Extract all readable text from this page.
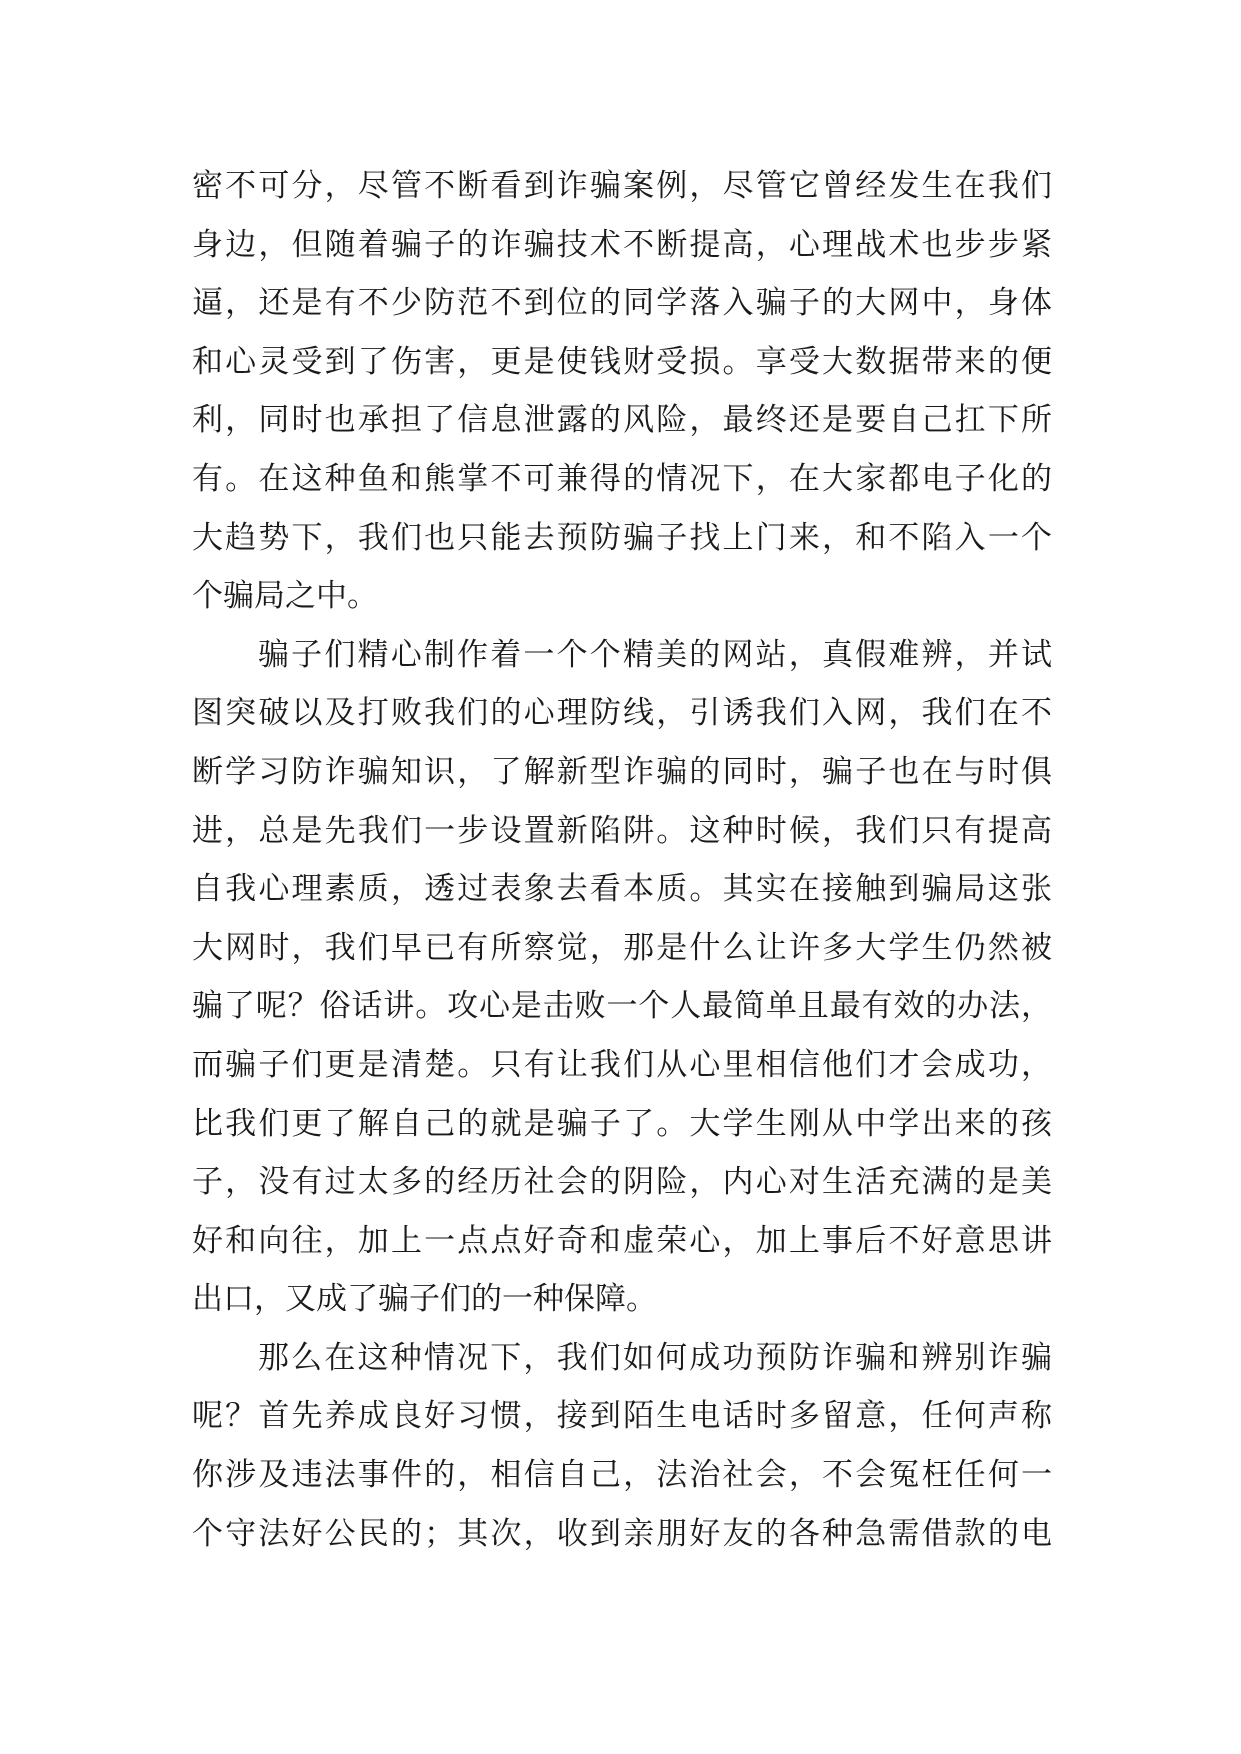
密不可分，尽管不断看到诈骗案例，尽管它曾经发生在我们
身边，但随着骗子的诈骗技术不断提高，心理战术也步步紧
逼，还是有不少防范不到位的同学落入骗子的大网中，身体
和心灵受到了伤害，更是使钱财受损。享受大数据带来的便
利，同时也承担了信息泄露的风险，最终还是要自己扛下所
有。在这种鱼和熊掌不可兼得的情况下，在大家都电子化的
大趋势下，我们也只能去预防骗子找上门来，和不陷入一个
个骗局之中。
骗子们精心制作着一个个精美的网站，真假难辨，并试
图突破以及打败我们的心理防线，引诱我们入网，我们在不
断学习防诈骗知识，了解新型诈骗的同时，骗子也在与时俱
进，总是先我们一步设置新陷阱。这种时候，我们只有提高
自我心理素质，透过表象去看本质。其实在接触到骗局这张
大网时，我们早已有所察觉，那是什么让许多大学生仍然被
骗了呢？俗话讲。攻心是击败一个人最简单且最有效的办法，
而骗子们更是清楚。只有让我们从心里相信他们才会成功，
比我们更了解自己的就是骗子了。大学生刚从中学出来的孩
子，没有过太多的经历社会的阴险，内心对生活充满的是美
好和向往，加上一点点好奇和虚荣心，加上事后不好意思讲
出口，又成了骗子们的一种保障。
那么在这种情况下，我们如何成功预防诈骗和辨别诈骗
呢？首先养成良好习惯，接到陌生电话时多留意，任何声称
你涉及违法事件的，相信自己，法治社会，不会冤枉任何一
个守法好公民的；其次，收到亲朋好友的各种急需借款的电
